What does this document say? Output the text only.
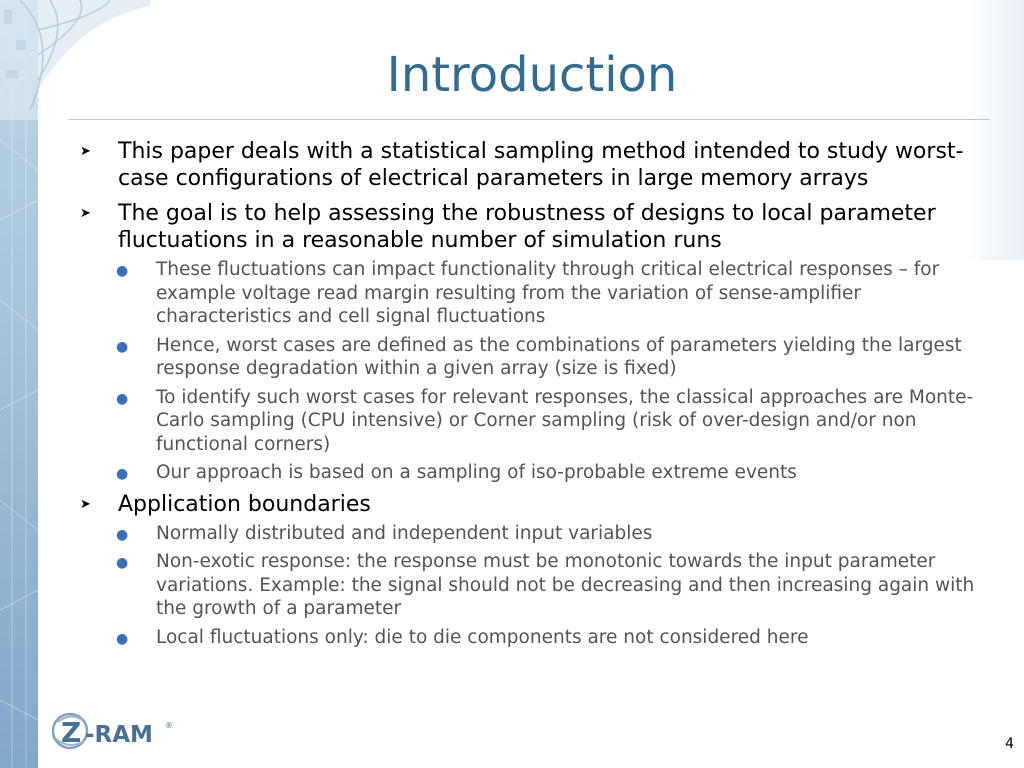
Introduction
➤ This paper deals with a statistical sampling method intended to study worst-case configurations of electrical parameters in large memory arrays
➤ The goal is to help assessing the robustness of designs to local parameter fluctuations in a reasonable number of simulation runs
●	These fluctuations can impact functionality through critical electrical responses – for example voltage read margin resulting from the variation of sense-amplifier characteristics and cell signal fluctuations
●	Hence, worst cases are defined as the combinations of parameters yielding the largest response degradation within a given array (size is fixed)
●	To identify such worst cases for relevant responses, the classical approaches are Monte-Carlo sampling (CPU intensive) or Corner sampling (risk of over-design and/or non functional corners)
●	Our approach is based on a sampling of iso-probable extreme events
➤ Application boundaries
●	Normally distributed and independent input variables
●	Non-exotic response: the response must be monotonic towards the input parameter variations. Example: the signal should not be decreasing and then increasing again with the growth of a parameter
●	Local fluctuations only: die to die components are not considered here
Z -RAM ®
4
